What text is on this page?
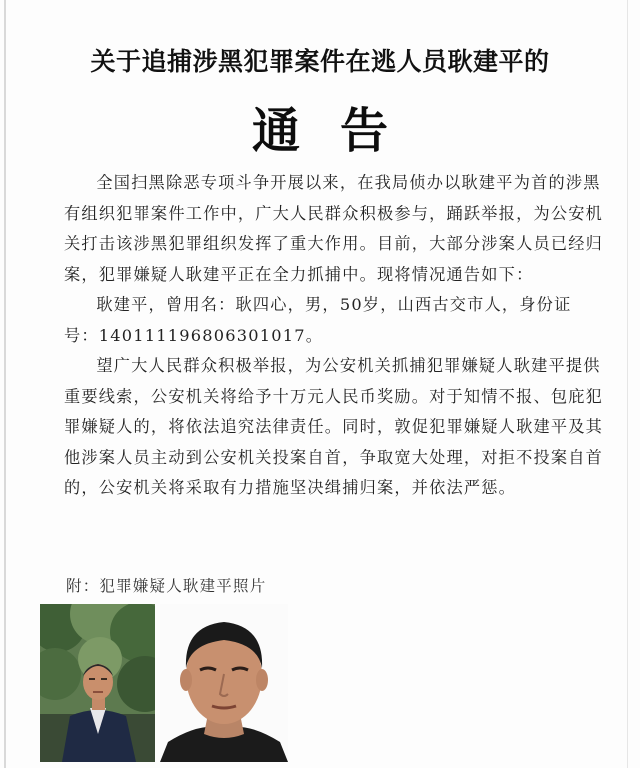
关于追捕涉黑犯罪案件在逃人员耿建平的
通告

全国扫黑除恶专项斗争开展以来，在我局侦办以耿建平为首的涉黑有组织犯罪案件工作中，广大人民群众积极参与，踊跃举报，为公安机关打击该涉黑犯罪组织发挥了重大作用。目前，大部分涉案人员已经归案，犯罪嫌疑人耿建平正在全力抓捕中。现将情况通告如下：

耿建平，曾用名：耿四心，男，50岁，山西古交市人，身份证号：140111196806301017。

望广大人民群众积极举报，为公安机关抓捕犯罪嫌疑人耿建平提供重要线索，公安机关将给予十万元人民币奖励。对于知情不报、包庇犯罪嫌疑人的，将依法追究法律责任。同时，敦促犯罪嫌疑人耿建平及其他涉案人员主动到公安机关投案自首，争取宽大处理，对拒不投案自首的，公安机关将采取有力措施坚决缉捕归案，并依法严惩。

附：犯罪嫌疑人耿建平照片
